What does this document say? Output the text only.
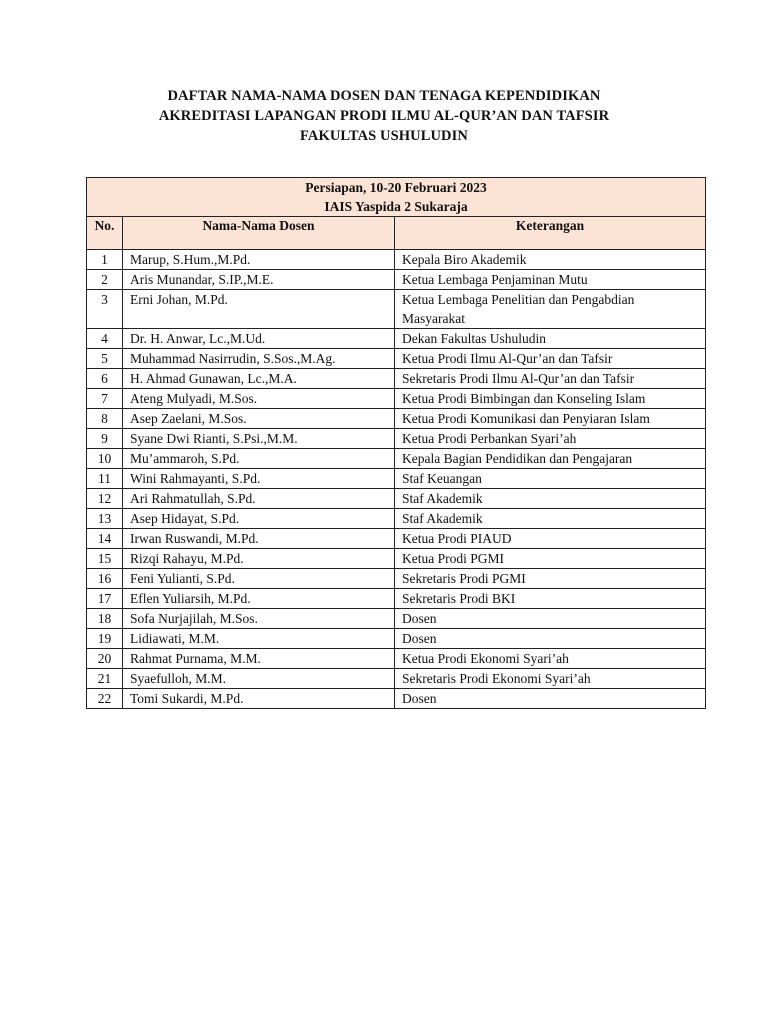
DAFTAR NAMA-NAMA DOSEN DAN TENAGA KEPENDIDIKAN
AKREDITASI LAPANGAN PRODI ILMU AL-QUR’AN DAN TAFSIR
FAKULTAS USHULUDIN
Persiapan, 10-20 Februari 2023
IAIS Yaspida 2 Sukaraja		

No.	Nama-Nama Dosen	Keterangan
1	Marup, S.Hum.,M.Pd.	Kepala Biro Akademik
2	Aris Munandar, S.IP.,M.E.	Ketua Lembaga Penjaminan Mutu
3	Erni Johan, M.Pd.	Ketua Lembaga Penelitian dan Pengabdian Masyarakat
4	Dr. H. Anwar, Lc.,M.Ud.	Dekan Fakultas Ushuludin
5	Muhammad Nasirrudin, S.Sos.,M.Ag.	Ketua Prodi Ilmu Al-Qur’an dan Tafsir
6	H. Ahmad Gunawan, Lc.,M.A.	Sekretaris Prodi Ilmu Al-Qur’an dan Tafsir
7	Ateng Mulyadi, M.Sos.	Ketua Prodi Bimbingan dan Konseling Islam
8	Asep Zaelani, M.Sos.	Ketua Prodi Komunikasi dan Penyiaran Islam
9	Syane Dwi Rianti, S.Psi.,M.M.	Ketua Prodi Perbankan Syari’ah
10	Mu’ammaroh, S.Pd.	Kepala Bagian Pendidikan dan Pengajaran
11	Wini Rahmayanti, S.Pd.	Staf Keuangan
12	Ari Rahmatullah, S.Pd.	Staf Akademik
13	Asep Hidayat, S.Pd.	Staf Akademik
14	Irwan Ruswandi, M.Pd.	Ketua Prodi PIAUD
15	Rizqi Rahayu, M.Pd.	Ketua Prodi PGMI
16	Feni Yulianti, S.Pd.	Sekretaris Prodi PGMI
17	Eflen Yuliarsih, M.Pd.	Sekretaris Prodi BKI
18	Sofa Nurjajilah, M.Sos.	Dosen
19	Lidiawati, M.M.	Dosen
20	Rahmat Purnama, M.M.	Ketua Prodi Ekonomi Syari’ah
21	Syaefulloh, M.M.	Sekretaris Prodi Ekonomi Syari’ah
22	Tomi Sukardi, M.Pd.	Dosen
